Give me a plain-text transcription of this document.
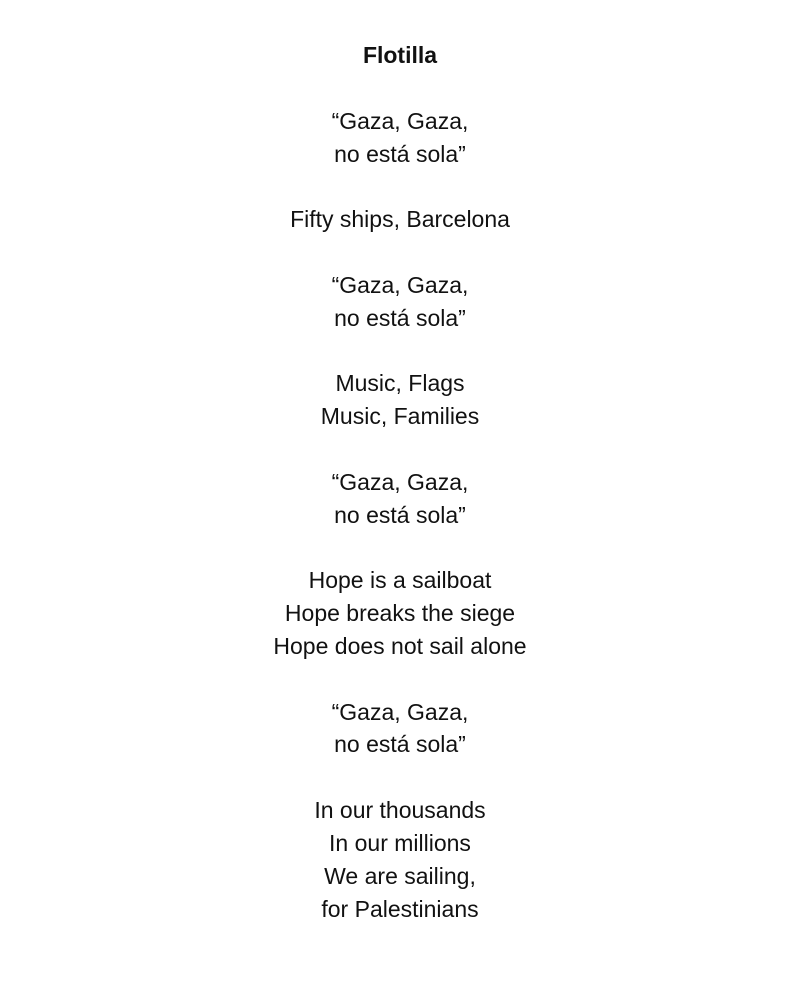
Flotilla
“Gaza, Gaza,
no está sola”
Fifty ships, Barcelona
“Gaza, Gaza,
no está sola”
Music, Flags
Music, Families
“Gaza, Gaza,
no está sola”
Hope is a sailboat
Hope breaks the siege
Hope does not sail alone
“Gaza, Gaza,
no está sola”
In our thousands
In our millions
We are sailing,
for Palestinians
